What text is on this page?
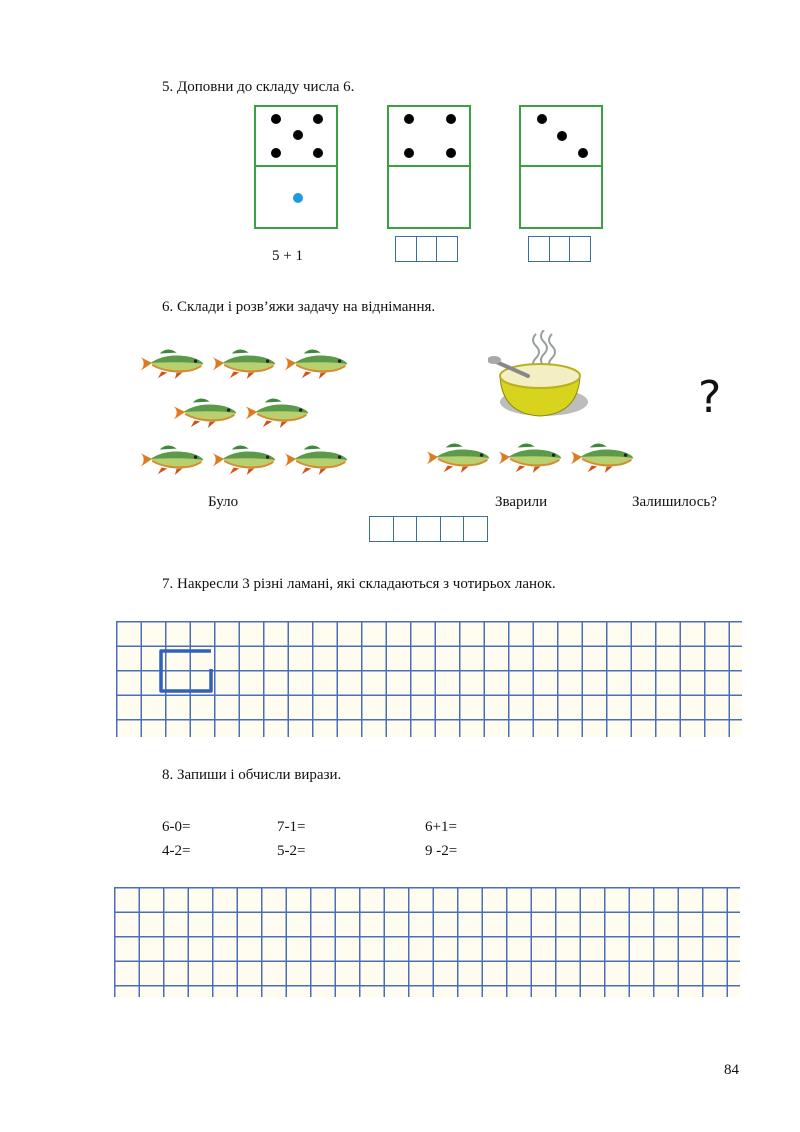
5. Доповни до складу числа 6.
5 + 1
6. Склади і розв’яжи задачу на віднімання.
?
Було	Зварили	Залишилось?
7. Накресли 3 різні ламані, які складаються з чотирьох ланок.
8. Запиши і обчисли вирази.
6-0=	7-1=	6+1=
4-2=	5-2=	9 -2=
84
